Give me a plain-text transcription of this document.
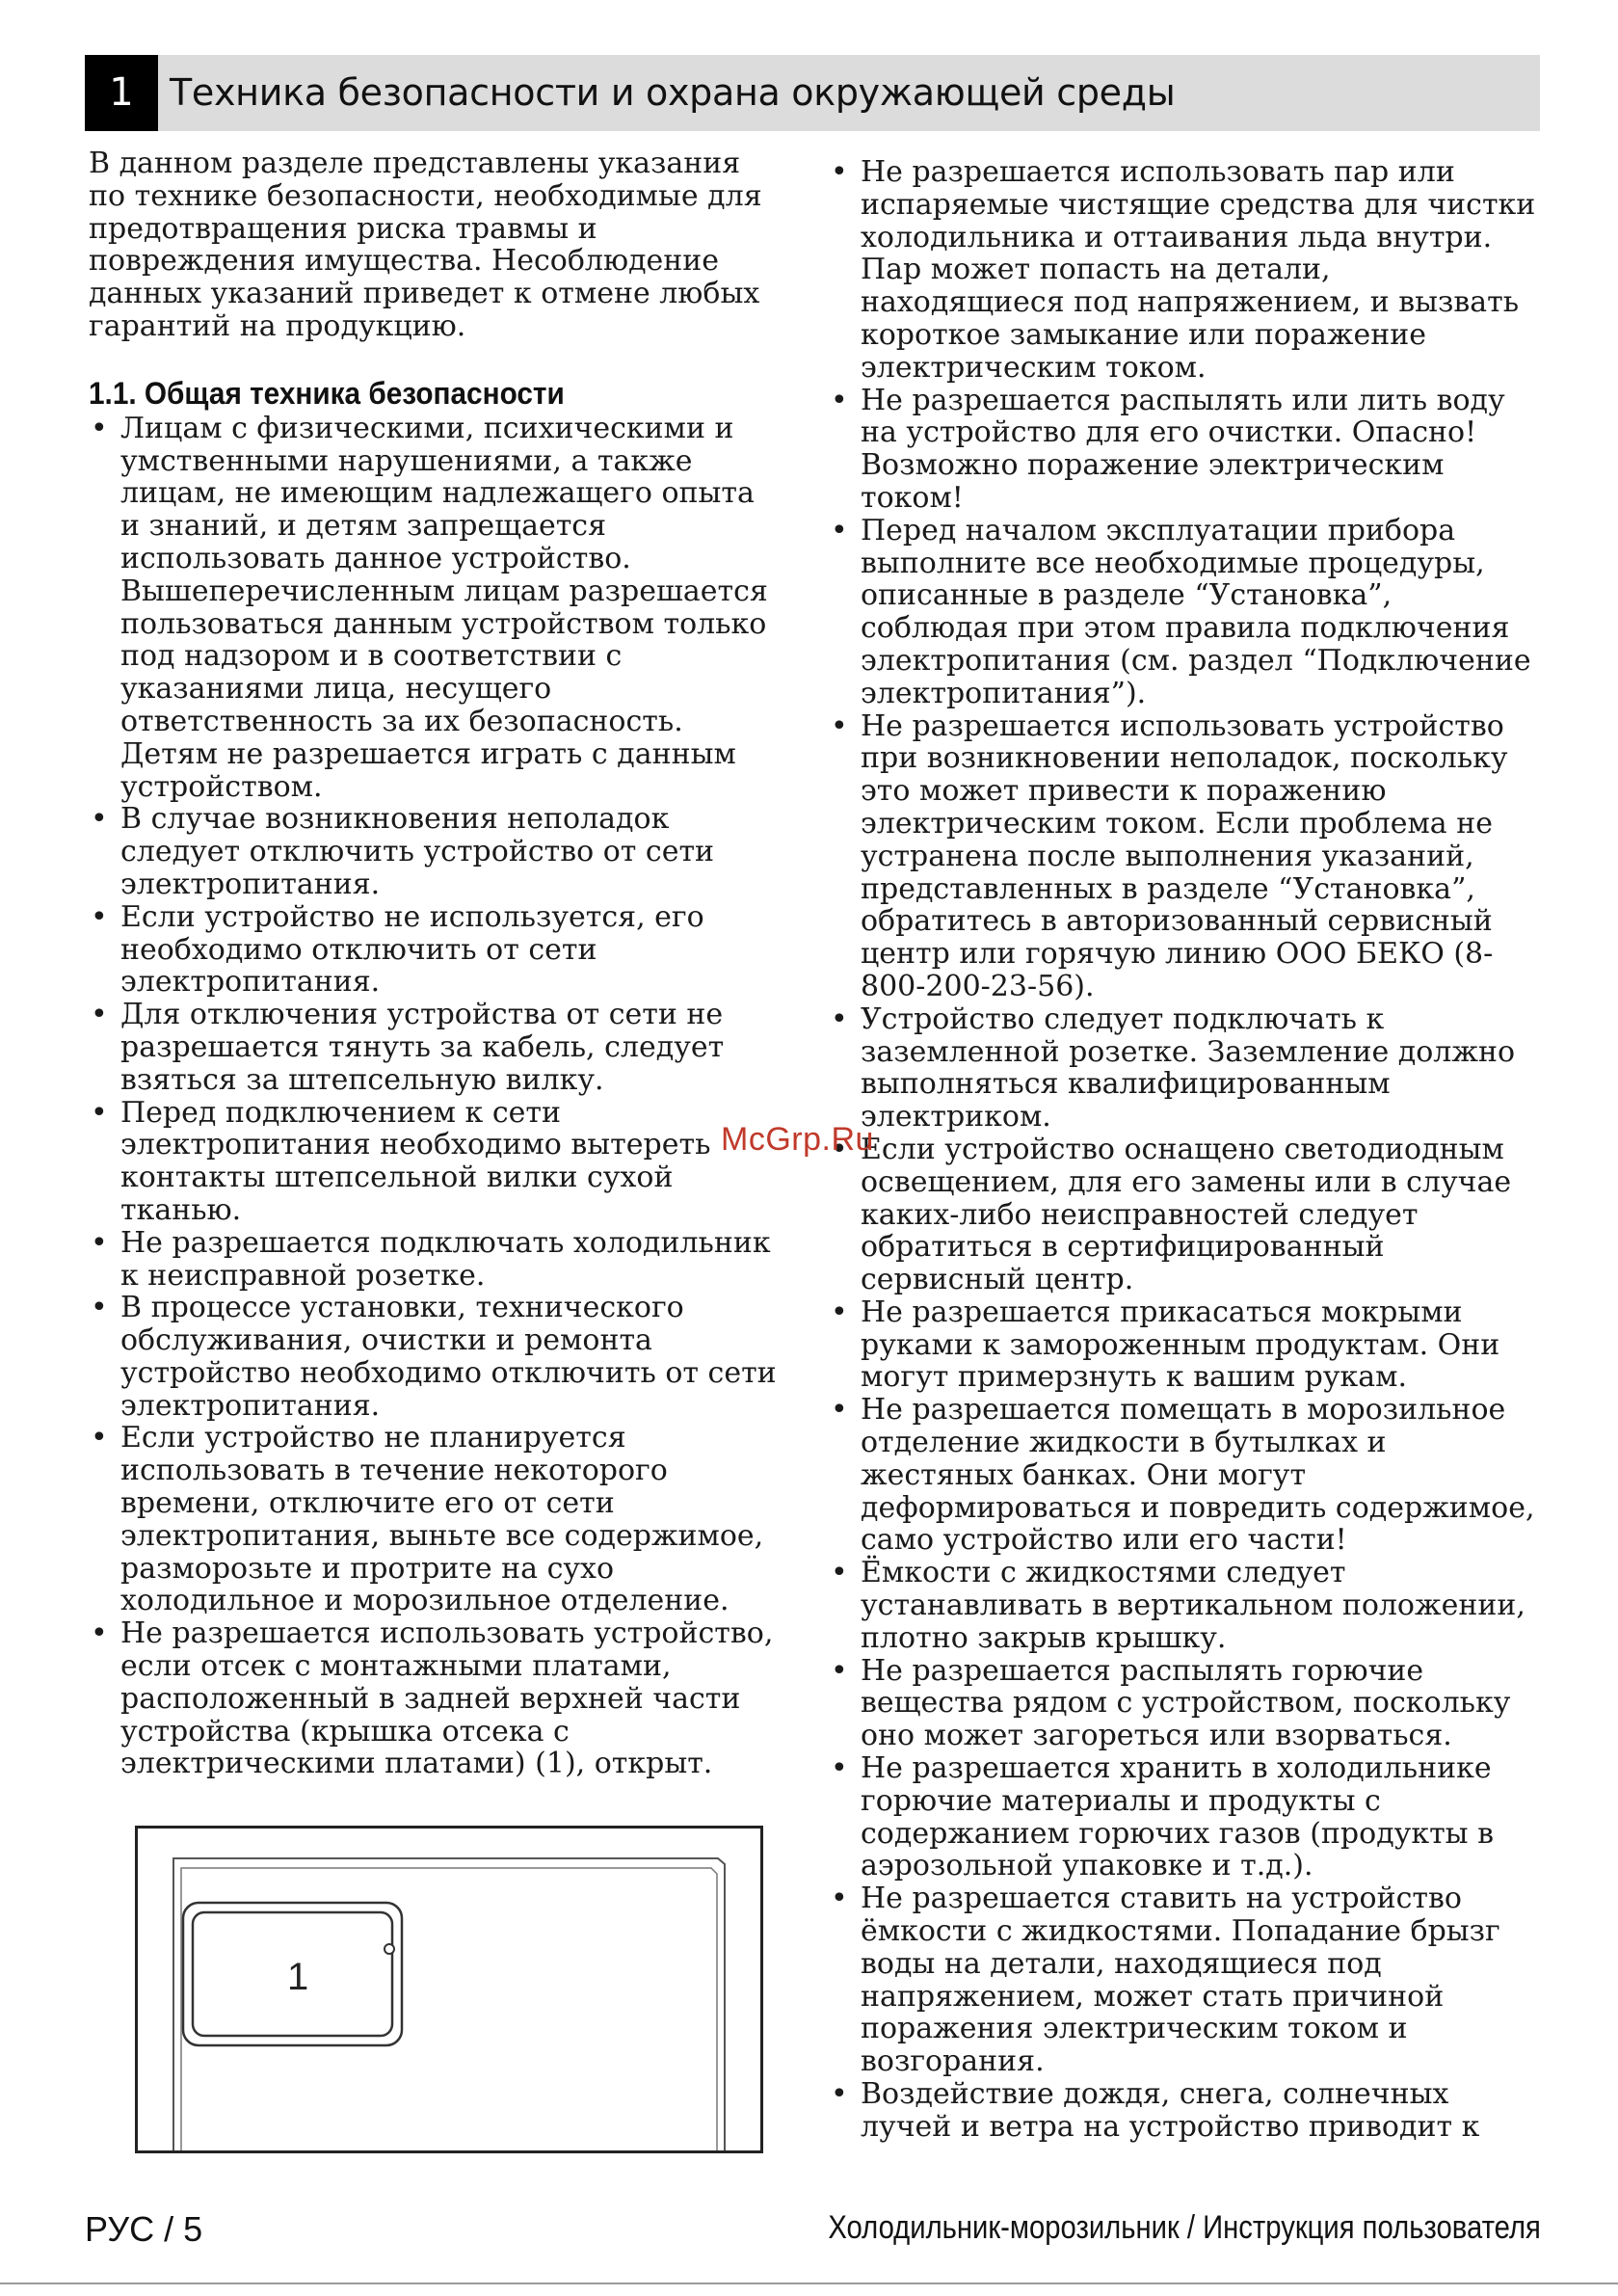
1 Техника безопасности и охрана окружающей среды

В данном разделе представлены указания по технике безопасности, необходимые для предотвращения риска травмы и повреждения имущества. Несоблюдение данных указаний приведет к отмене любых гарантий на продукцию.

1.1. Общая техника безопасности
• Лицам с физическими, психическими и умственными нарушениями, а также лицам, не имеющим надлежащего опыта и знаний, и детям запрещается использовать данное устройство. Вышеперечисленным лицам разрешается пользоваться данным устройством только под надзором и в соответствии с указаниями лица, несущего ответственность за их безопасность. Детям не разрешается играть с данным устройством.
• В случае возникновения неполадок следует отключить устройство от сети электропитания.
• Если устройство не используется, его необходимо отключить от сети электропитания.
• Для отключения устройства от сети не разрешается тянуть за кабель, следует взяться за штепсельную вилку.
• Перед подключением к сети электропитания необходимо вытереть контакты штепсельной вилки сухой тканью.
• Не разрешается подключать холодильник к неисправной розетке.
• В процессе установки, технического обслуживания, очистки и ремонта устройство необходимо отключить от сети электропитания.
• Если устройство не планируется использовать в течение некоторого времени, отключите его от сети электропитания, выньте все содержимое, разморозьте и протрите на сухо холодильное и морозильное отделение.
• Не разрешается использовать устройство, если отсек с монтажными платами, расположенный в задней верхней части устройства (крышка отсека с электрическими платами) (1), открыт.
• Не разрешается использовать пар или испаряемые чистящие средства для чистки холодильника и оттаивания льда внутри. Пар может попасть на детали, находящиеся под напряжением, и вызвать короткое замыкание или поражение электрическим током.
• Не разрешается распылять или лить воду на устройство для его очистки. Опасно! Возможно поражение электрическим током!
• Перед началом эксплуатации прибора выполните все необходимые процедуры, описанные в разделе “Установка”, соблюдая при этом правила подключения электропитания (см. раздел “Подключение электропитания”).
• Не разрешается использовать устройство при возникновении неполадок, поскольку это может привести к поражению электрическим током. Если проблема не устранена после выполнения указаний, представленных в разделе “Установка”, обратитесь в авторизованный сервисный центр или горячую линию ООО БЕКО (8-800-200-23-56).
• Устройство следует подключать к заземленной розетке. Заземление должно выполняться квалифицированным электриком.
• Если устройство оснащено светодиодным освещением, для его замены или в случае каких-либо неисправностей следует обратиться в сертифицированный сервисный центр.
• Не разрешается прикасаться мокрыми руками к замороженным продуктам. Они могут примерзнуть к вашим рукам.
• Не разрешается помещать в морозильное отделение жидкости в бутылках и жестяных банках. Они могут деформироваться и повредить содержимое, само устройство или его части!
• Ёмкости с жидкостями следует устанавливать в вертикальном положении, плотно закрыв крышку.
• Не разрешается распылять горючие вещества рядом с устройством, поскольку оно может загореться или взорваться.
• Не разрешается хранить в холодильнике горючие материалы и продукты с содержанием горючих газов (продукты в аэрозольной упаковке и т.д.).
• Не разрешается ставить на устройство ёмкости с жидкостями. Попадание брызг воды на детали, находящиеся под напряжением, может стать причиной поражения электрическим током и возгорания.
• Воздействие дождя, снега, солнечных лучей и ветра на устройство приводит к
1
McGrp.Ru
РУС / 5	Холодильник-морозильник / Инструкция пользователя
